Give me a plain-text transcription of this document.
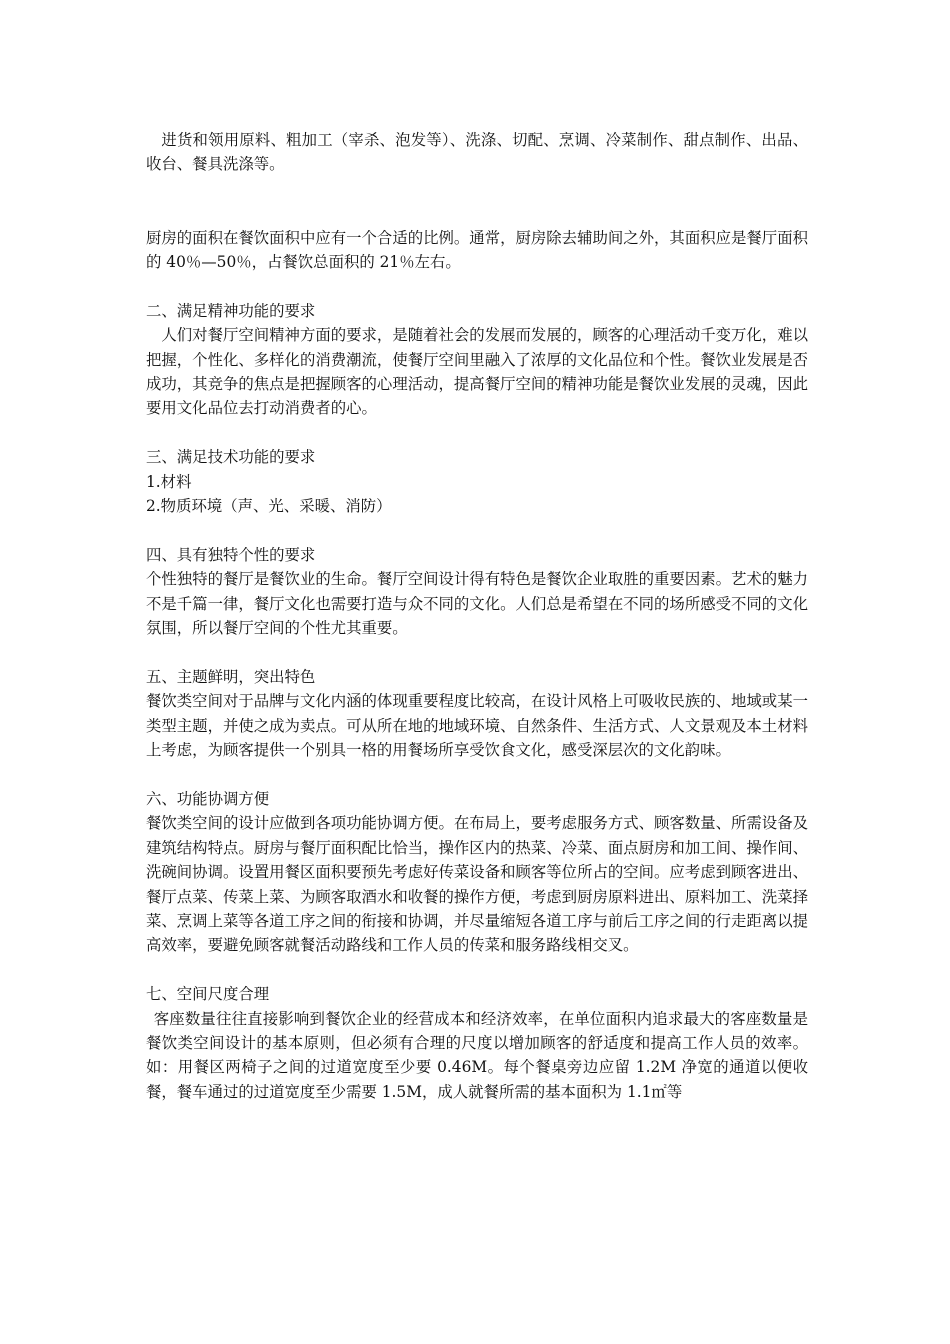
进货和领用原料、粗加工（宰杀、泡发等）、洗涤、切配、烹调、冷菜制作、甜点制作、出品、收台、餐具洗涤等。

厨房的面积在餐饮面积中应有一个合适的比例。通常，厨房除去辅助间之外，其面积应是餐厅面积的 40％—50％，占餐饮总面积的 21％左右。

二、满足精神功能的要求

人们对餐厅空间精神方面的要求，是随着社会的发展而发展的，顾客的心理活动千变万化，难以把握，个性化、多样化的消费潮流，使餐厅空间里融入了浓厚的文化品位和个性。餐饮业发展是否成功，其竞争的焦点是把握顾客的心理活动，提高餐厅空间的精神功能是餐饮业发展的灵魂，因此要用文化品位去打动消费者的心。

三、满足技术功能的要求

1.材料

2.物质环境（声、光、采暖、消防）

四、具有独特个性的要求

个性独特的餐厅是餐饮业的生命。餐厅空间设计得有特色是餐饮企业取胜的重要因素。艺术的魅力不是千篇一律，餐厅文化也需要打造与众不同的文化。人们总是希望在不同的场所感受不同的文化氛围，所以餐厅空间的个性尤其重要。

五、主题鲜明，突出特色

餐饮类空间对于品牌与文化内涵的体现重要程度比较高，在设计风格上可吸收民族的、地域或某一类型主题，并使之成为卖点。可从所在地的地域环境、自然条件、生活方式、人文景观及本土材料上考虑，为顾客提供一个别具一格的用餐场所享受饮食文化，感受深层次的文化韵味。

六、功能协调方便

餐饮类空间的设计应做到各项功能协调方便。在布局上，要考虑服务方式、顾客数量、所需设备及建筑结构特点。厨房与餐厅面积配比恰当，操作区内的热菜、冷菜、面点厨房和加工间、操作间、洗碗间协调。设置用餐区面积要预先考虑好传菜设备和顾客等位所占的空间。应考虑到顾客进出、餐厅点菜、传菜上菜、为顾客取酒水和收餐的操作方便，考虑到厨房原料进出、原料加工、洗菜择菜、烹调上菜等各道工序之间的衔接和协调，并尽量缩短各道工序与前后工序之间的行走距离以提高效率，要避免顾客就餐活动路线和工作人员的传菜和服务路线相交叉。

七、空间尺度合理

客座数量往往直接影响到餐饮企业的经营成本和经济效率，在单位面积内追求最大的客座数量是餐饮类空间设计的基本原则，但必须有合理的尺度以增加顾客的舒适度和提高工作人员的效率。如：用餐区两椅子之间的过道宽度至少要 0.46M。每个餐桌旁边应留 1.2M 净宽的通道以便收餐，餐车通过的过道宽度至少需要 1.5M，成人就餐所需的基本面积为 1.1㎡等
